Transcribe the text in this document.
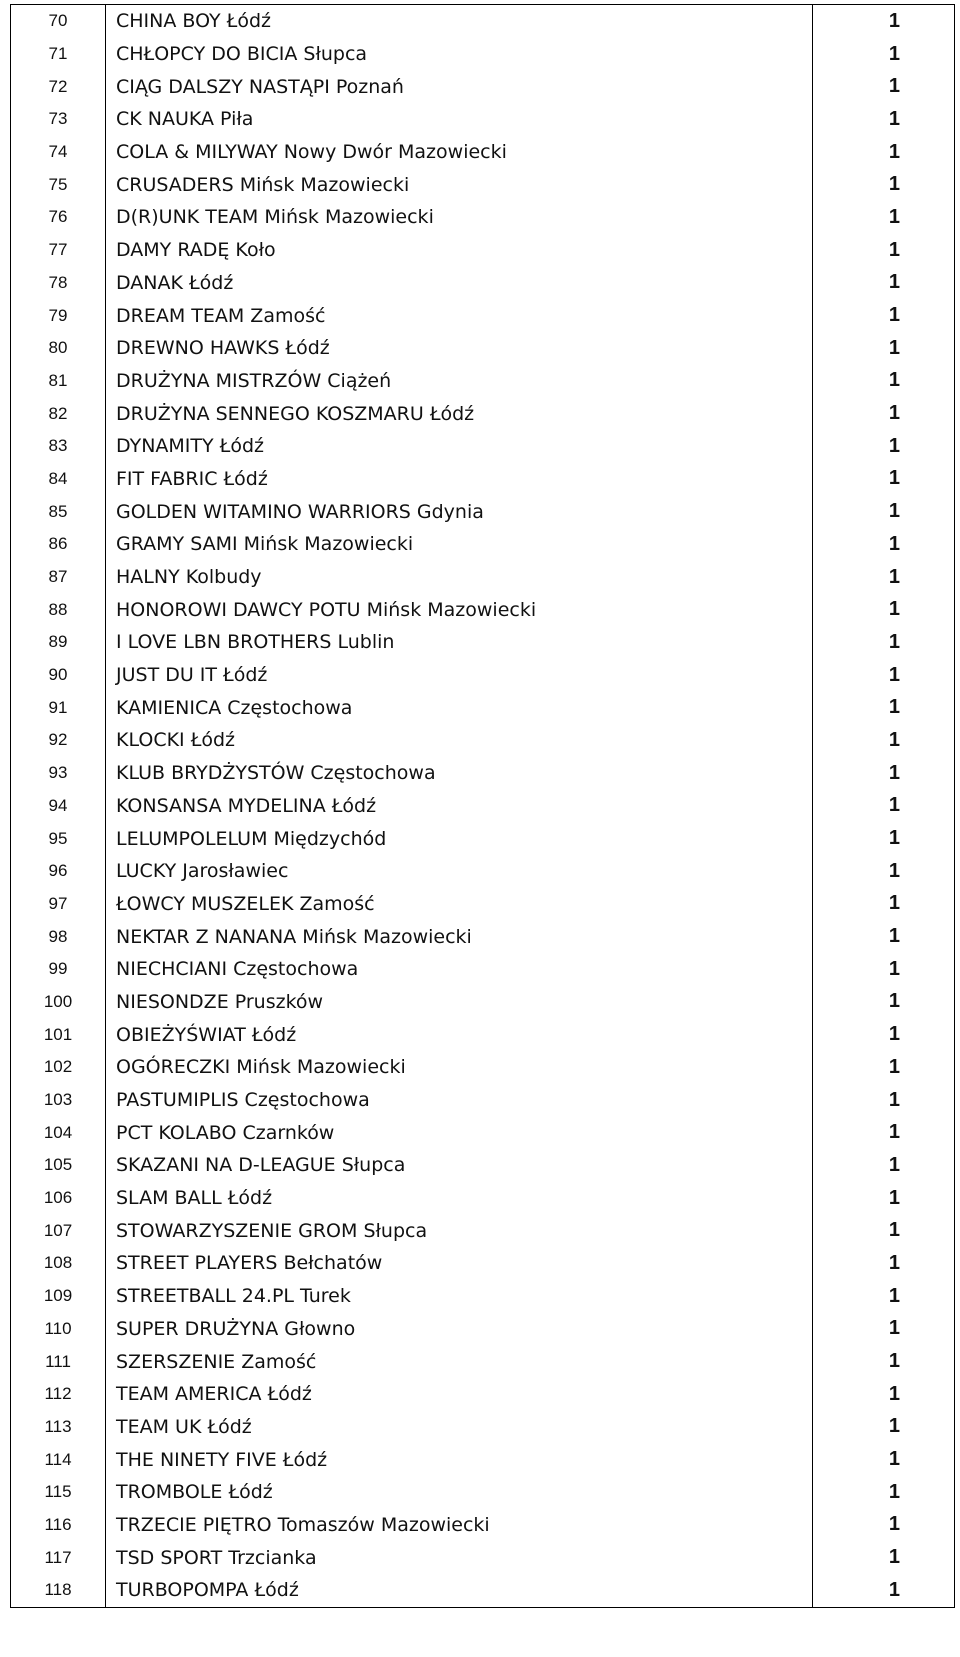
70	CHINA BOY Łódź	1
71	CHŁOPCY DO BICIA Słupca	1
72	CIĄG DALSZY NASTĄPI Poznań	1
73	CK NAUKA Piła	1
74	COLA & MILYWAY Nowy Dwór Mazowiecki	1
75	CRUSADERS Mińsk Mazowiecki	1
76	D(R)UNK TEAM Mińsk Mazowiecki	1
77	DAMY RADĘ Koło	1
78	DANAK Łódź	1
79	DREAM TEAM Zamość	1
80	DREWNO HAWKS Łódź	1
81	DRUŻYNA MISTRZÓW Ciążeń	1
82	DRUŻYNA SENNEGO KOSZMARU Łódź	1
83	DYNAMITY Łódź	1
84	FIT FABRIC Łódź	1
85	GOLDEN WITAMINO WARRIORS Gdynia	1
86	GRAMY SAMI Mińsk Mazowiecki	1
87	HALNY Kolbudy	1
88	HONOROWI DAWCY POTU Mińsk Mazowiecki	1
89	I LOVE LBN BROTHERS Lublin	1
90	JUST DU IT Łódź	1
91	KAMIENICA Częstochowa	1
92	KLOCKI Łódź	1
93	KLUB BRYDŻYSTÓW Częstochowa	1
94	KONSANSA MYDELINA Łódź	1
95	LELUMPOLELUM Międzychód	1
96	LUCKY Jarosławiec	1
97	ŁOWCY MUSZELEK Zamość	1
98	NEKTAR Z NANANA Mińsk Mazowiecki	1
99	NIECHCIANI Częstochowa	1
100	NIESONDZE Pruszków	1
101	OBIEŻYŚWIAT Łódź	1
102	OGÓRECZKI Mińsk Mazowiecki	1
103	PASTUMIPLIS Częstochowa	1
104	PCT KOLABO Czarnków	1
105	SKAZANI NA D-LEAGUE Słupca	1
106	SLAM BALL Łódź	1
107	STOWARZYSZENIE GROM Słupca	1
108	STREET PLAYERS Bełchatów	1
109	STREETBALL 24.PL Turek	1
110	SUPER DRUŻYNA Głowno	1
111	SZERSZENIE Zamość	1
112	TEAM AMERICA Łódź	1
113	TEAM UK Łódź	1
114	THE NINETY FIVE Łódź	1
115	TROMBOLE Łódź	1
116	TRZECIE PIĘTRO Tomaszów Mazowiecki	1
117	TSD SPORT Trzcianka	1
118	TURBOPOMPA Łódź	1
